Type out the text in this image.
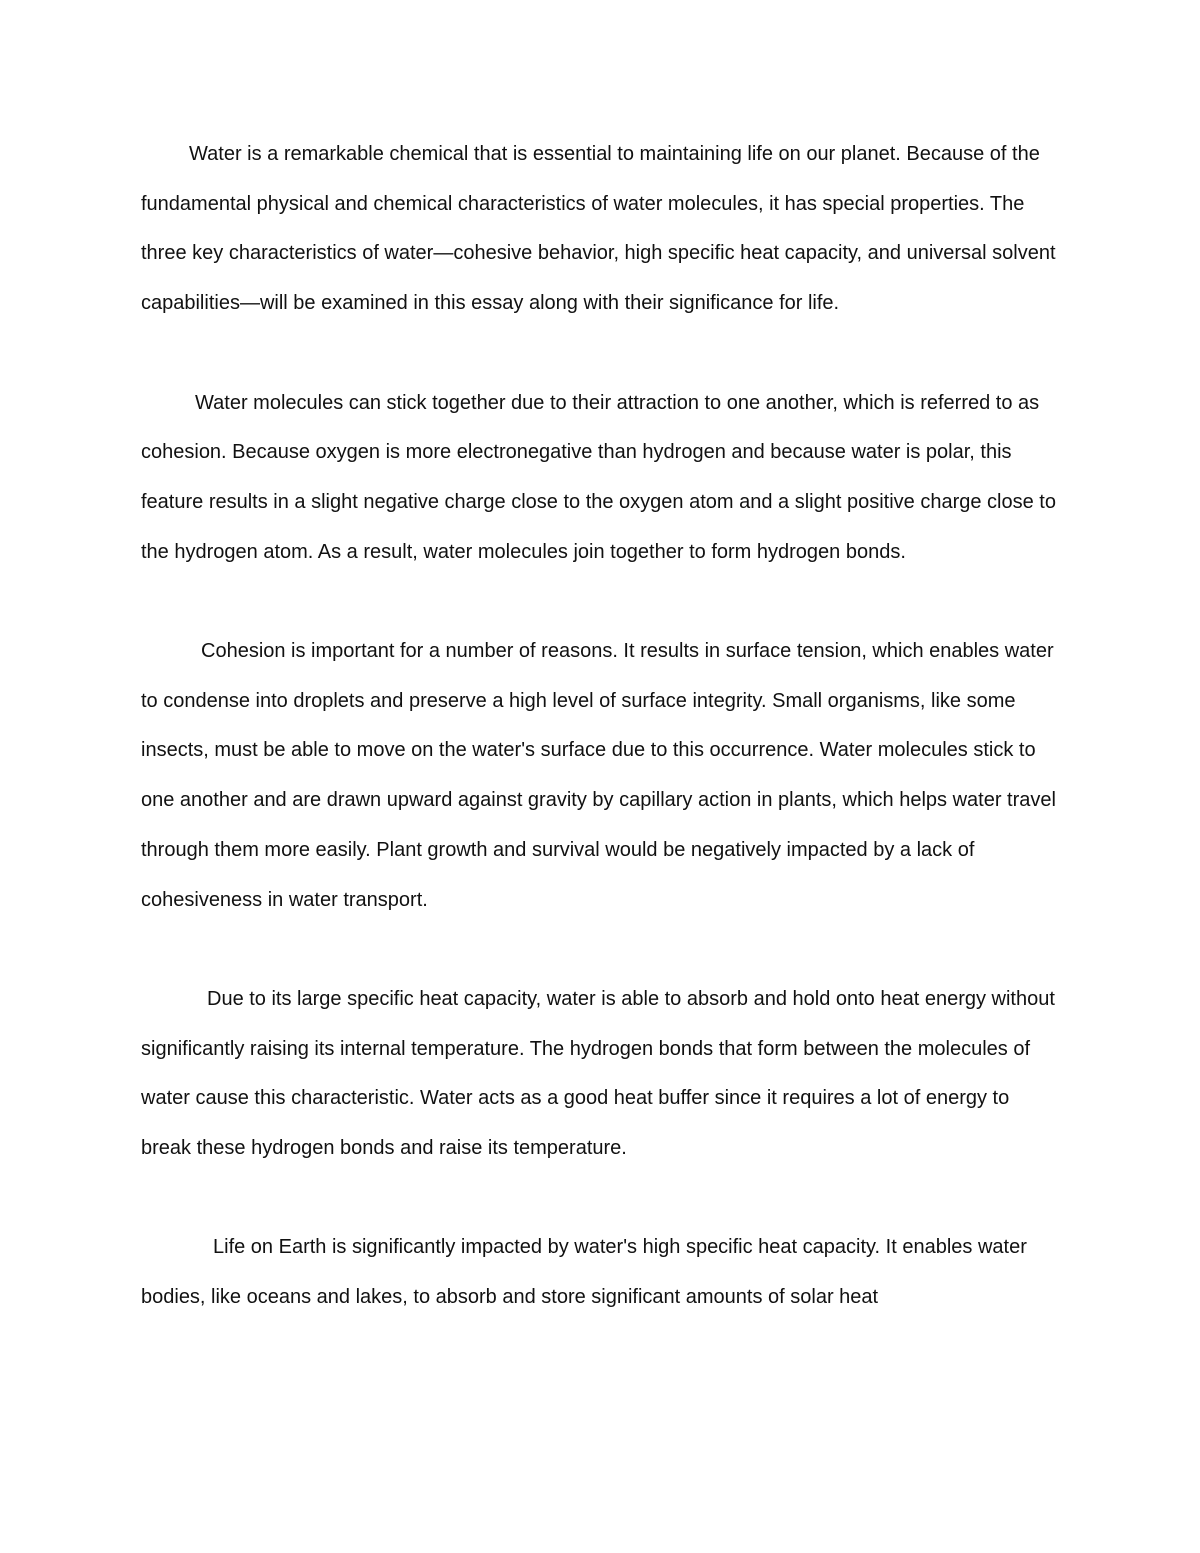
Water is a remarkable chemical that is essential to maintaining life on our planet. Because of the fundamental physical and chemical characteristics of water molecules, it has special properties. The three key characteristics of water—cohesive behavior, high specific heat capacity, and universal solvent capabilities—will be examined in this essay along with their significance for life.

Water molecules can stick together due to their attraction to one another, which is referred to as cohesion. Because oxygen is more electronegative than hydrogen and because water is polar, this feature results in a slight negative charge close to the oxygen atom and a slight positive charge close to the hydrogen atom. As a result, water molecules join together to form hydrogen bonds.

Cohesion is important for a number of reasons. It results in surface tension, which enables water to condense into droplets and preserve a high level of surface integrity. Small organisms, like some insects, must be able to move on the water's surface due to this occurrence. Water molecules stick to one another and are drawn upward against gravity by capillary action in plants, which helps water travel through them more easily. Plant growth and survival would be negatively impacted by a lack of cohesiveness in water transport.

Due to its large specific heat capacity, water is able to absorb and hold onto heat energy without significantly raising its internal temperature. The hydrogen bonds that form between the molecules of water cause this characteristic. Water acts as a good heat buffer since it requires a lot of energy to break these hydrogen bonds and raise its temperature.

Life on Earth is significantly impacted by water's high specific heat capacity. It enables water bodies, like oceans and lakes, to absorb and store significant amounts of solar heat
